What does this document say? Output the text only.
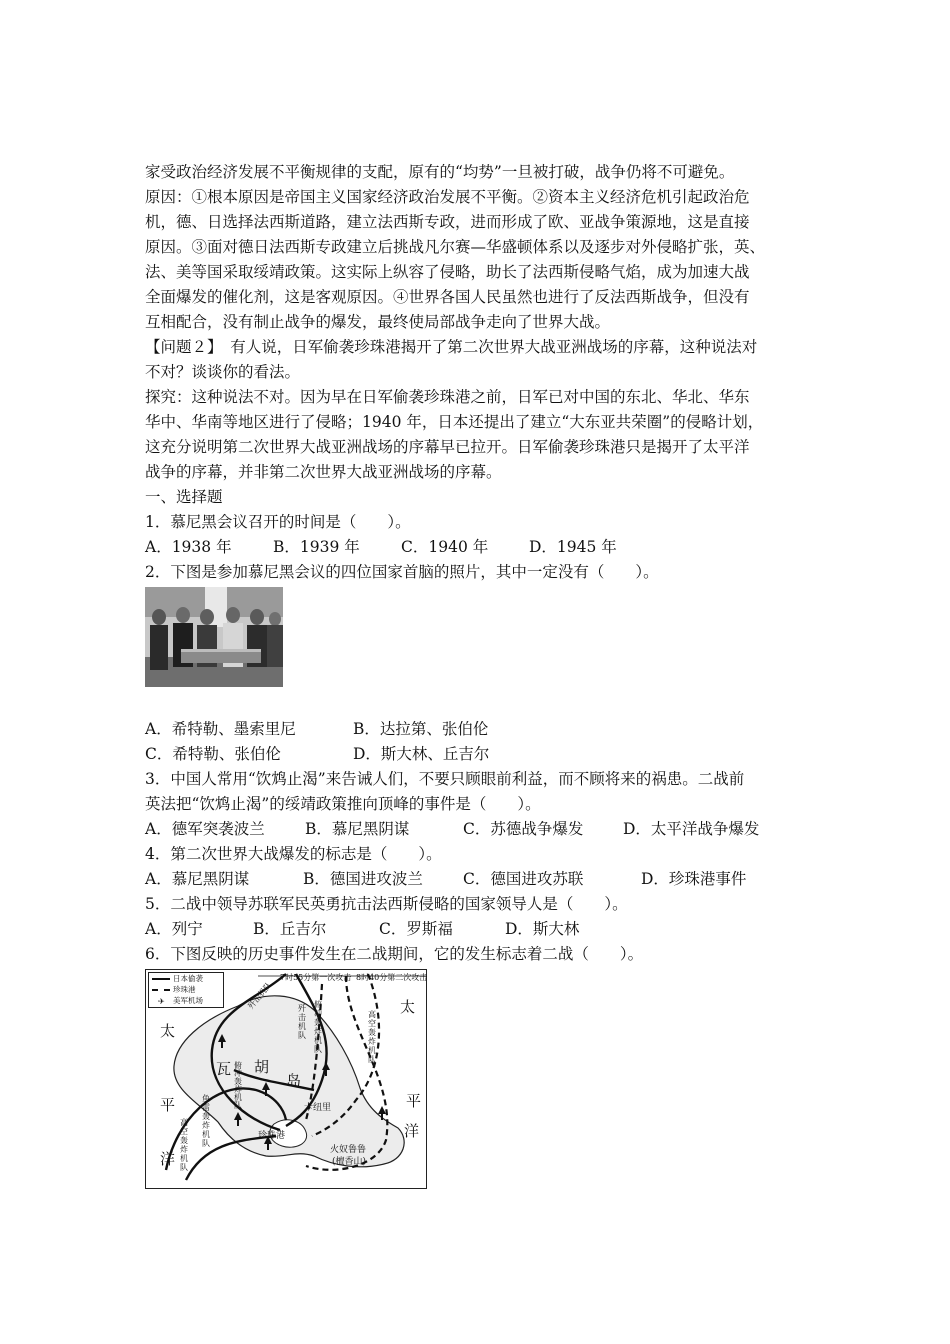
家受政治经济发展不平衡规律的支配，原有的“均势”一旦被打破，战争仍将不可避免。
原因：①根本原因是帝国主义国家经济政治发展不平衡。②资本主义经济危机引起政治危
机，德、日选择法西斯道路，建立法西斯专政，进而形成了欧、亚战争策源地，这是直接
原因。③面对德日法西斯专政建立后挑战凡尔赛—华盛顿体系以及逐步对外侵略扩张，英、
法、美等国采取绥靖政策。这实际上纵容了侵略，助长了法西斯侵略气焰，成为加速大战
全面爆发的催化剂，这是客观原因。④世界各国人民虽然也进行了反法西斯战争，但没有
互相配合，没有制止战争的爆发，最终使局部战争走向了世界大战。
【问题２】　有人说，日军偷袭珍珠港揭开了第二次世界大战亚洲战场的序幕，这种说法对
不对？谈谈你的看法。
探究：这种说法不对。因为早在日军偷袭珍珠港之前，日军已对中国的东北、华北、华东
华中、华南等地区进行了侵略；1940 年，日本还提出了建立“大东亚共荣圈”的侵略计划，
这充分说明第二次世界大战亚洲战场的序幕早已拉开。日军偷袭珍珠港只是揭开了太平洋
战争的序幕，并非第二次世界大战亚洲战场的序幕。
一、选择题
1．慕尼黑会议召开的时间是（　　）。
A．1938 年	B．1939 年	C．1940 年	D．1945 年
2．下图是参加慕尼黑会议的四位国家首脑的照片，其中一定没有（　　）。
A．希特勒、墨索里尼	B．达拉第、张伯伦
C．希特勒、张伯伦	D．斯大林、丘吉尔
3．中国人常用“饮鸩止渴”来告诫人们，不要只顾眼前利益，而不顾将来的祸患。二战前
英法把“饮鸩止渴”的绥靖政策推向顶峰的事件是（　　）。
A．德军突袭波兰	B．慕尼黑阴谋	C．苏德战争爆发	D．太平洋战争爆发
4．第二次世界大战爆发的标志是（　　）。
A．慕尼黑阴谋	B．德国进攻波兰	C．德国进攻苏联	D．珍珠港事件
5．二战中领导苏联军民英勇抗击法西斯侵略的国家领导人是（　　）。
A．列宁	B．丘吉尔	C．罗斯福	D．斯大林
6．下图反映的历史事件发生在二战期间，它的发生标志着二战（　　）。
日本偷袭
珍珠港
✈ 美军机场
7时55分第一次攻击 8时40分第二次攻击
歼击机队	歼击机队
俯冲轰炸机队
高空轰炸机队
俯冲轰炸机队
鱼雷轰炸机队
高空轰炸机队
太
平
洋
太
平
洋
瓦 胡
岛
卡纽里
珍珠港
火奴鲁鲁
(檀香山)
